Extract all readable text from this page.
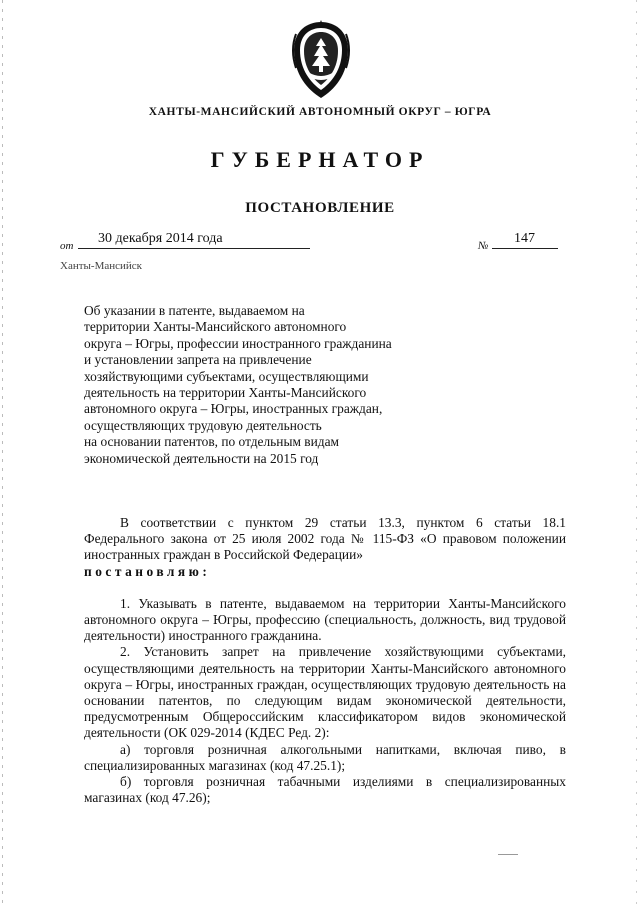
ХАНТЫ-МАНСИЙСКИЙ АВТОНОМНЫЙ ОКРУГ – ЮГРА
ГУБЕРНАТОР
ПОСТАНОВЛЕНИЕ
от 30 декабря 2014 года	№ 147
Ханты-Мансийск
Об указании в патенте, выдаваемом на
территории Ханты-Мансийского автономного
округа – Югры, профессии иностранного гражданина
и установлении запрета на привлечение
хозяйствующими субъектами, осуществляющими
деятельность на территории Ханты-Мансийского
автономного округа – Югры, иностранных граждан,
осуществляющих трудовую деятельность
на основании патентов, по отдельным видам
экономической деятельности на 2015 год

В соответствии с пунктом 29 статьи 13.3, пунктом 6 статьи 18.1 Федерального закона от 25 июля 2002 года № 115-ФЗ «О правовом положении иностранных граждан в Российской Федерации»

постановляю:

1. Указывать в патенте, выдаваемом на территории Ханты-Мансийского автономного округа – Югры, профессию (специальность, должность, вид трудовой деятельности) иностранного гражданина.

2. Установить запрет на привлечение хозяйствующими субъектами, осуществляющими деятельность на территории Ханты-Мансийского автономного округа – Югры, иностранных граждан, осуществляющих трудовую деятельность на основании патентов, по следующим видам экономической деятельности, предусмотренным Общероссийским классификатором видов экономической деятельности (ОК 029-2014 (КДЕС Ред. 2):

а) торговля розничная алкогольными напитками, включая пиво, в специализированных магазинах (код 47.25.1);

б) торговля розничная табачными изделиями в специализированных магазинах (код 47.26);
